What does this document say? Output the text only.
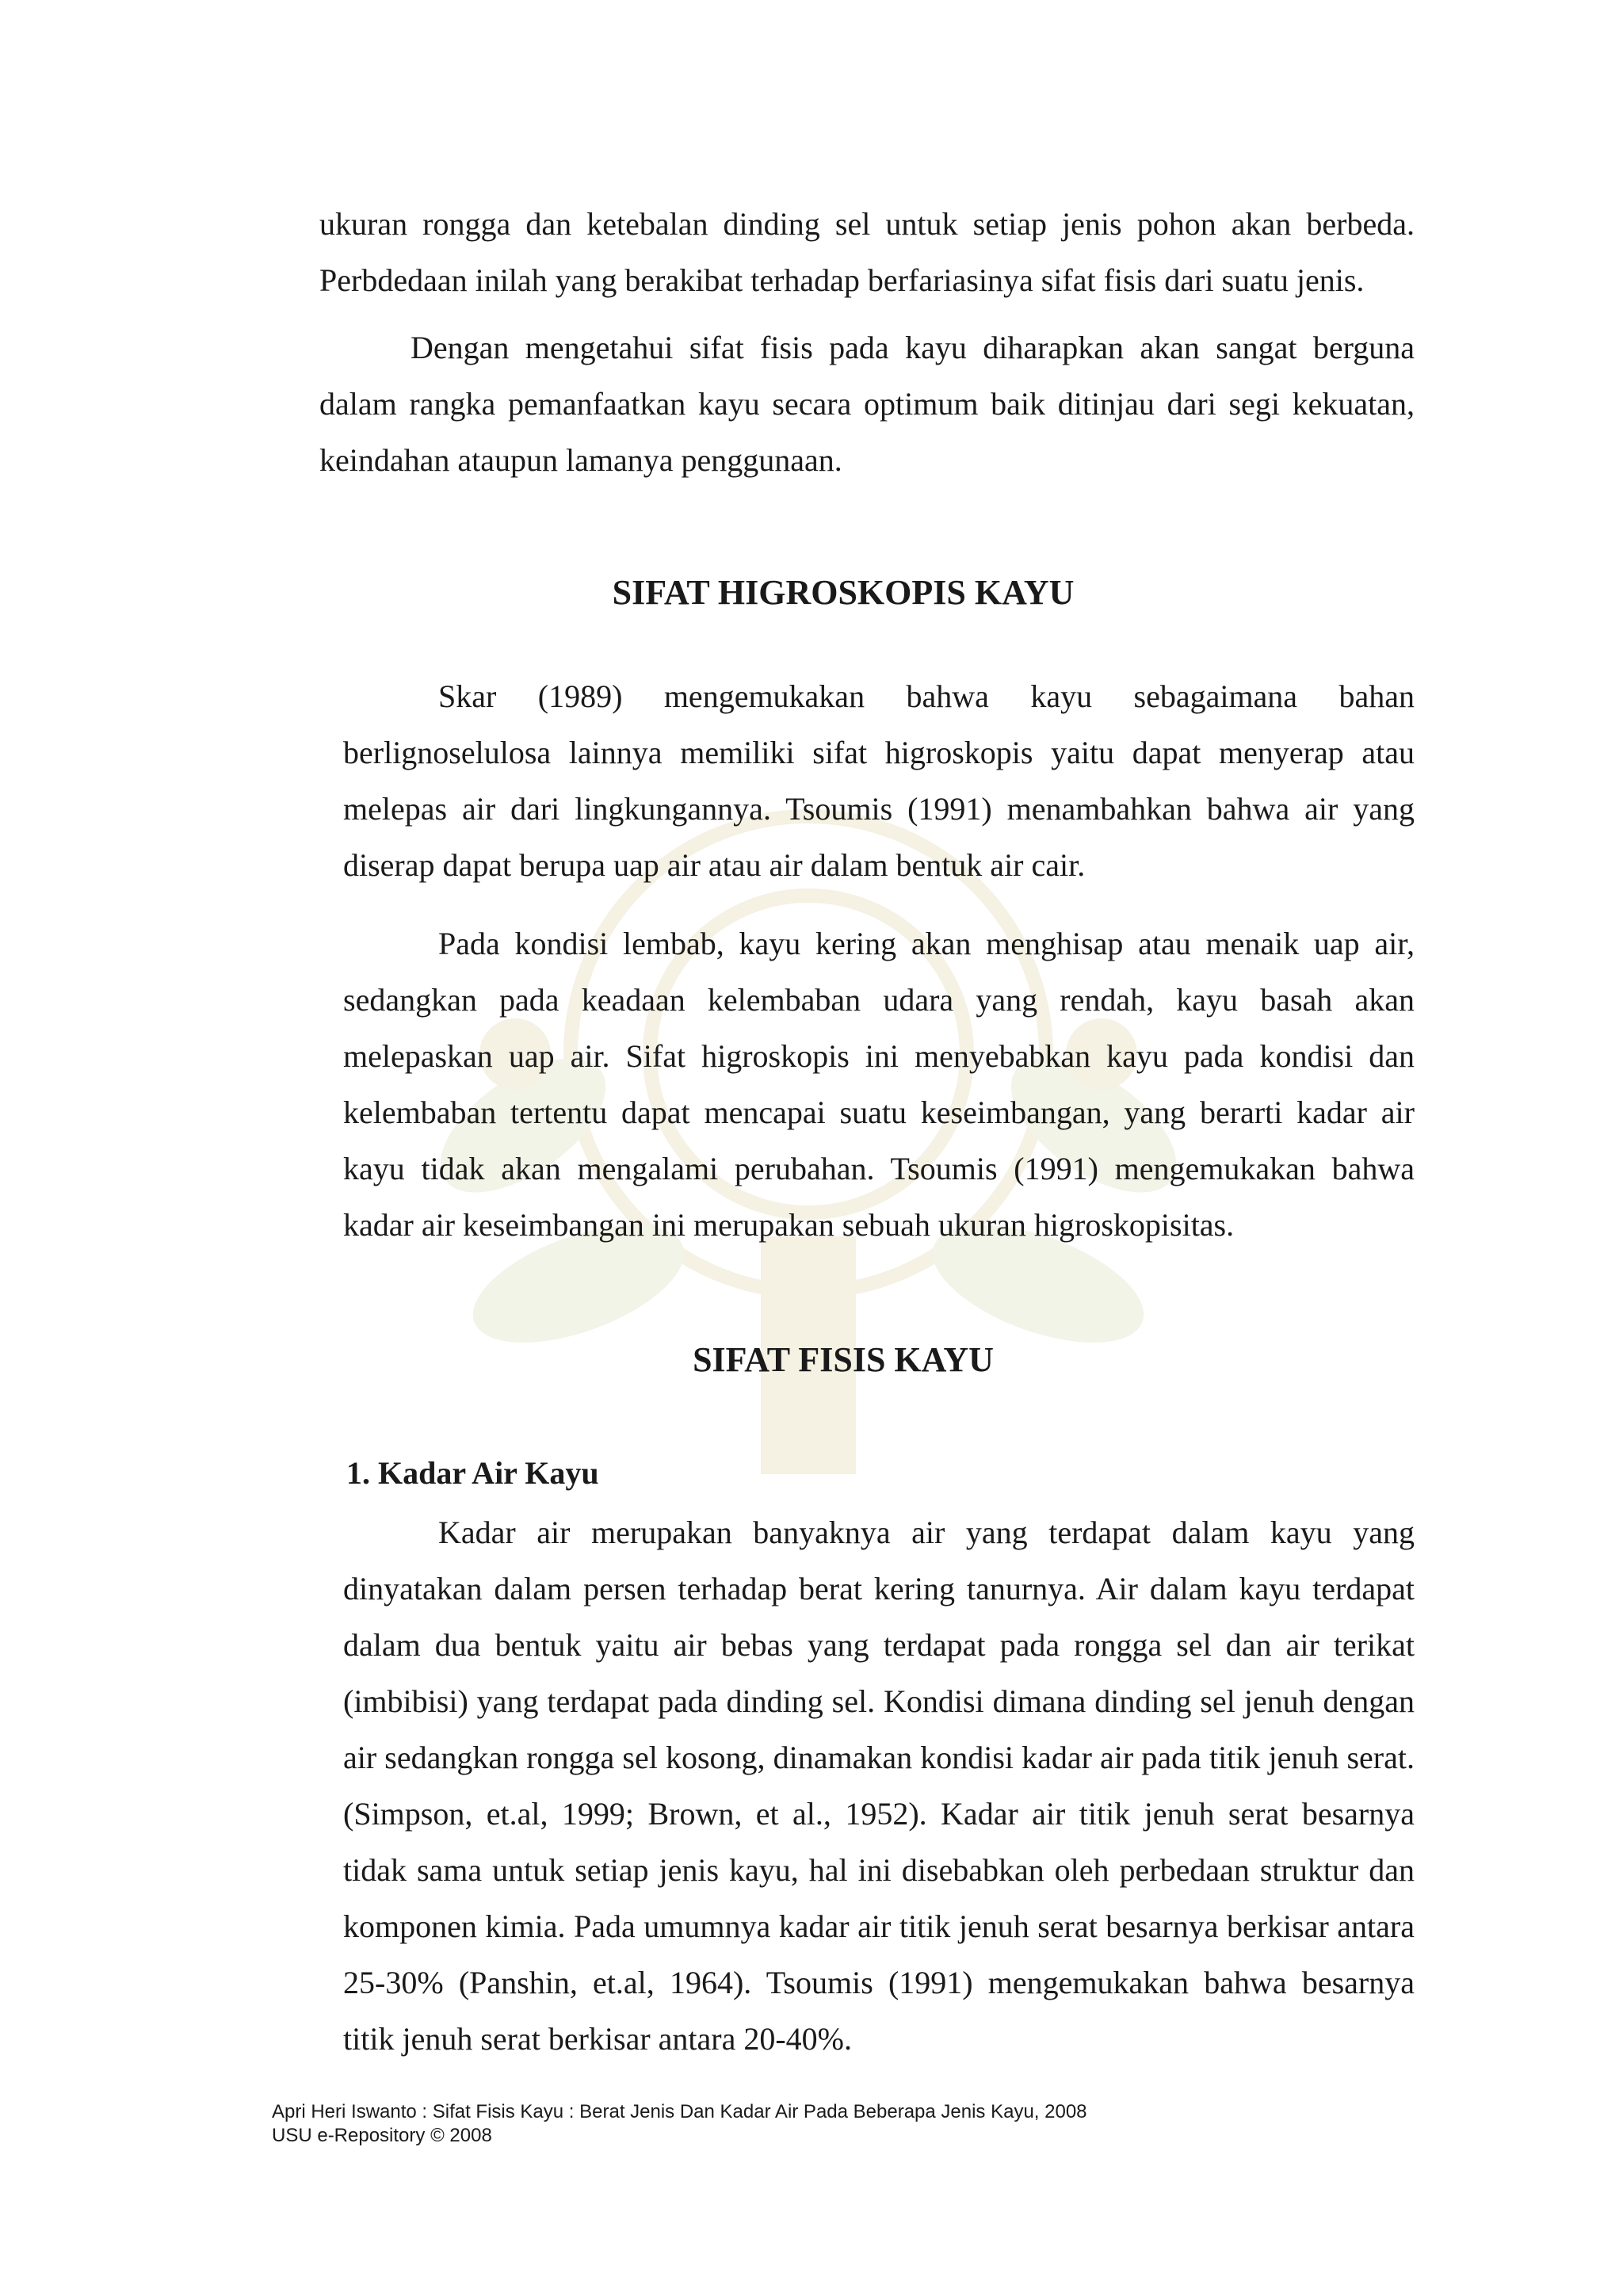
ukuran rongga dan ketebalan dinding sel untuk setiap jenis pohon akan berbeda. Perbdedaan inilah yang berakibat terhadap berfariasinya sifat fisis dari suatu jenis.

Dengan mengetahui sifat fisis pada kayu diharapkan akan sangat berguna dalam rangka pemanfaatkan kayu secara optimum baik ditinjau dari segi kekuatan, keindahan ataupun lamanya penggunaan.

SIFAT HIGROSKOPIS KAYU

Skar (1989) mengemukakan bahwa kayu sebagaimana bahan berlignoselulosa lainnya memiliki sifat higroskopis yaitu dapat menyerap atau melepas air dari lingkungannya. Tsoumis (1991) menambahkan bahwa air yang diserap dapat berupa uap air atau air dalam bentuk air cair.

Pada kondisi lembab, kayu kering akan menghisap atau menaik uap air, sedangkan pada keadaan kelembaban udara yang rendah, kayu basah akan melepaskan uap air. Sifat higroskopis ini menyebabkan kayu pada kondisi dan kelembaban tertentu dapat mencapai suatu keseimbangan, yang berarti kadar air kayu tidak akan mengalami perubahan. Tsoumis (1991) mengemukakan bahwa kadar air keseimbangan ini merupakan sebuah ukuran higroskopisitas.

SIFAT FISIS KAYU
1. Kadar Air Kayu

Kadar air merupakan banyaknya air yang terdapat dalam kayu yang dinyatakan dalam persen terhadap berat kering tanurnya. Air dalam kayu terdapat dalam dua bentuk yaitu air bebas yang terdapat pada rongga sel dan air terikat (imbibisi) yang terdapat pada dinding sel. Kondisi dimana dinding sel jenuh dengan air sedangkan rongga sel kosong, dinamakan kondisi kadar air pada titik jenuh serat. (Simpson, et.al, 1999; Brown, et al., 1952). Kadar air titik jenuh serat besarnya tidak sama untuk setiap jenis kayu, hal ini disebabkan oleh perbedaan struktur dan komponen kimia. Pada umumnya kadar air titik jenuh serat besarnya berkisar antara 25-30% (Panshin, et.al, 1964). Tsoumis (1991) mengemukakan bahwa besarnya titik jenuh serat berkisar antara 20-40%.

Apri Heri Iswanto : Sifat Fisis Kayu : Berat Jenis Dan Kadar Air Pada Beberapa Jenis Kayu, 2008
USU e-Repository © 2008
